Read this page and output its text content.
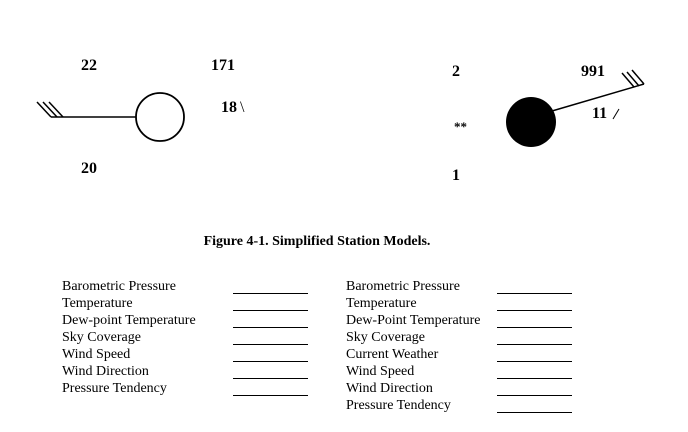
22	171
18 \
20
2	991
**
11
1
Figure 4-1. Simplified Station Models.
Barometric Pressure
Temperature
Dew-point Temperature
Sky Coverage
Wind Speed
Wind Direction
Pressure Tendency
Barometric Pressure
Temperature
Dew-Point Temperature
Sky Coverage
Current Weather
Wind Speed
Wind Direction
Pressure Tendency
